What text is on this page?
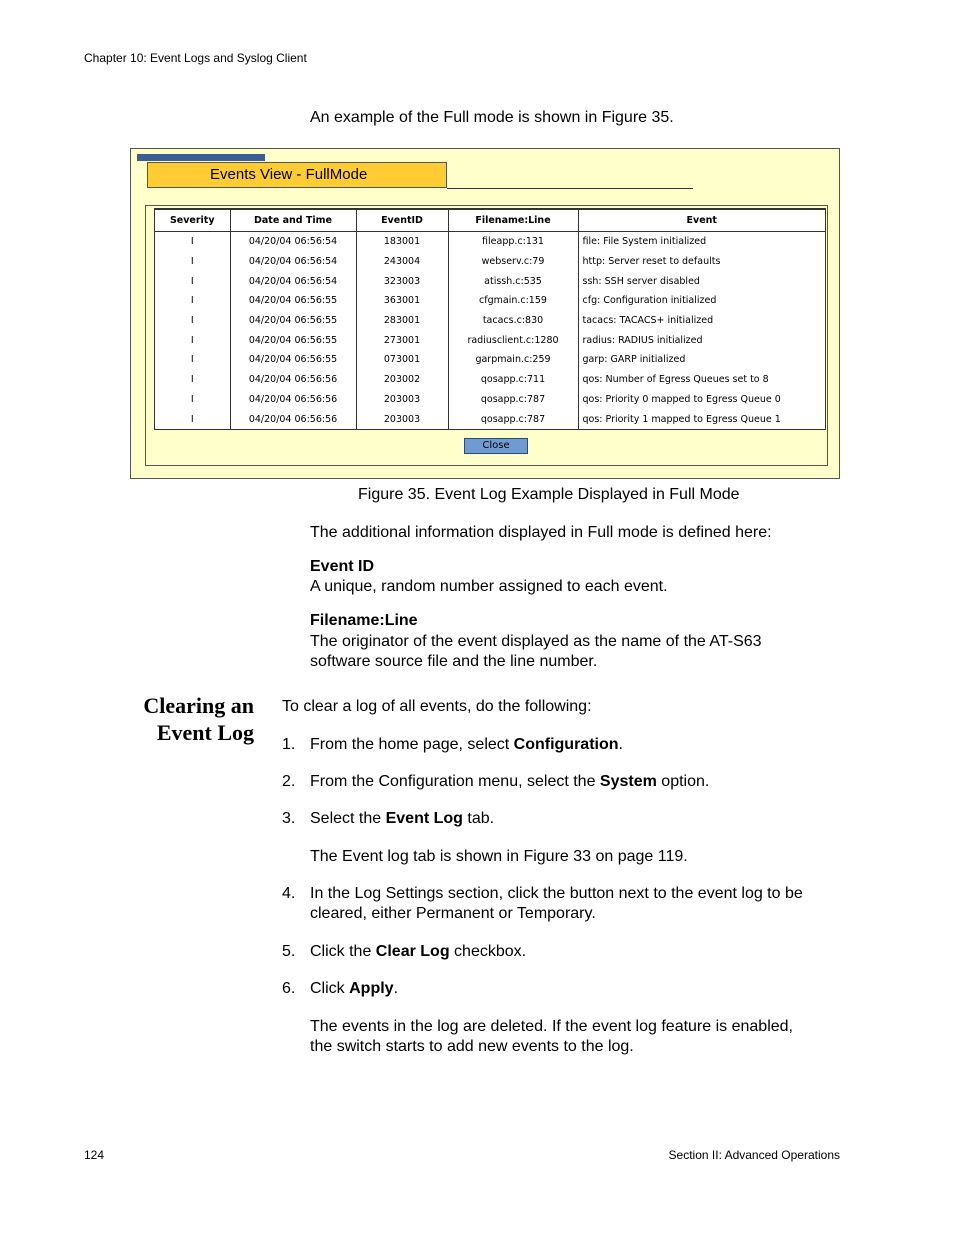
Chapter 10: Event Logs and Syslog Client
An example of the Full mode is shown in Figure 35.
Events View - FullMode
Severity	Date and Time	EventID	Filename:Line	Event
I	04/20/04 06:56:54	183001	fileapp.c:131	file: File System initialized
I	04/20/04 06:56:54	243004	webserv.c:79	http: Server reset to defaults
I	04/20/04 06:56:54	323003	atissh.c:535	ssh: SSH server disabled
I	04/20/04 06:56:55	363001	cfgmain.c:159	cfg: Configuration initialized
I	04/20/04 06:56:55	283001	tacacs.c:830	tacacs: TACACS+ initialized
I	04/20/04 06:56:55	273001	radiusclient.c:1280	radius: RADIUS initialized
I	04/20/04 06:56:55	073001	garpmain.c:259	garp: GARP initialized
I	04/20/04 06:56:56	203002	qosapp.c:711	qos: Number of Egress Queues set to 8
I	04/20/04 06:56:56	203003	qosapp.c:787	qos: Priority 0 mapped to Egress Queue 0
I	04/20/04 06:56:56	203003	qosapp.c:787	qos: Priority 1 mapped to Egress Queue 1
Close
Figure 35. Event Log Example Displayed in Full Mode
The additional information displayed in Full mode is defined here:
Event ID
A unique, random number assigned to each event.
Filename:Line
The originator of the event displayed as the name of the AT-S63
software source file and the line number.
Clearing an
Event Log
To clear a log of all events, do the following:
1. From the home page, select Configuration.
2. From the Configuration menu, select the System option.
3. Select the Event Log tab.
The Event log tab is shown in Figure 33 on page 119.
4. In the Log Settings section, click the button next to the event log to be
cleared, either Permanent or Temporary.
5. Click the Clear Log checkbox.
6. Click Apply.
The events in the log are deleted. If the event log feature is enabled,
the switch starts to add new events to the log.
124	Section II: Advanced Operations
